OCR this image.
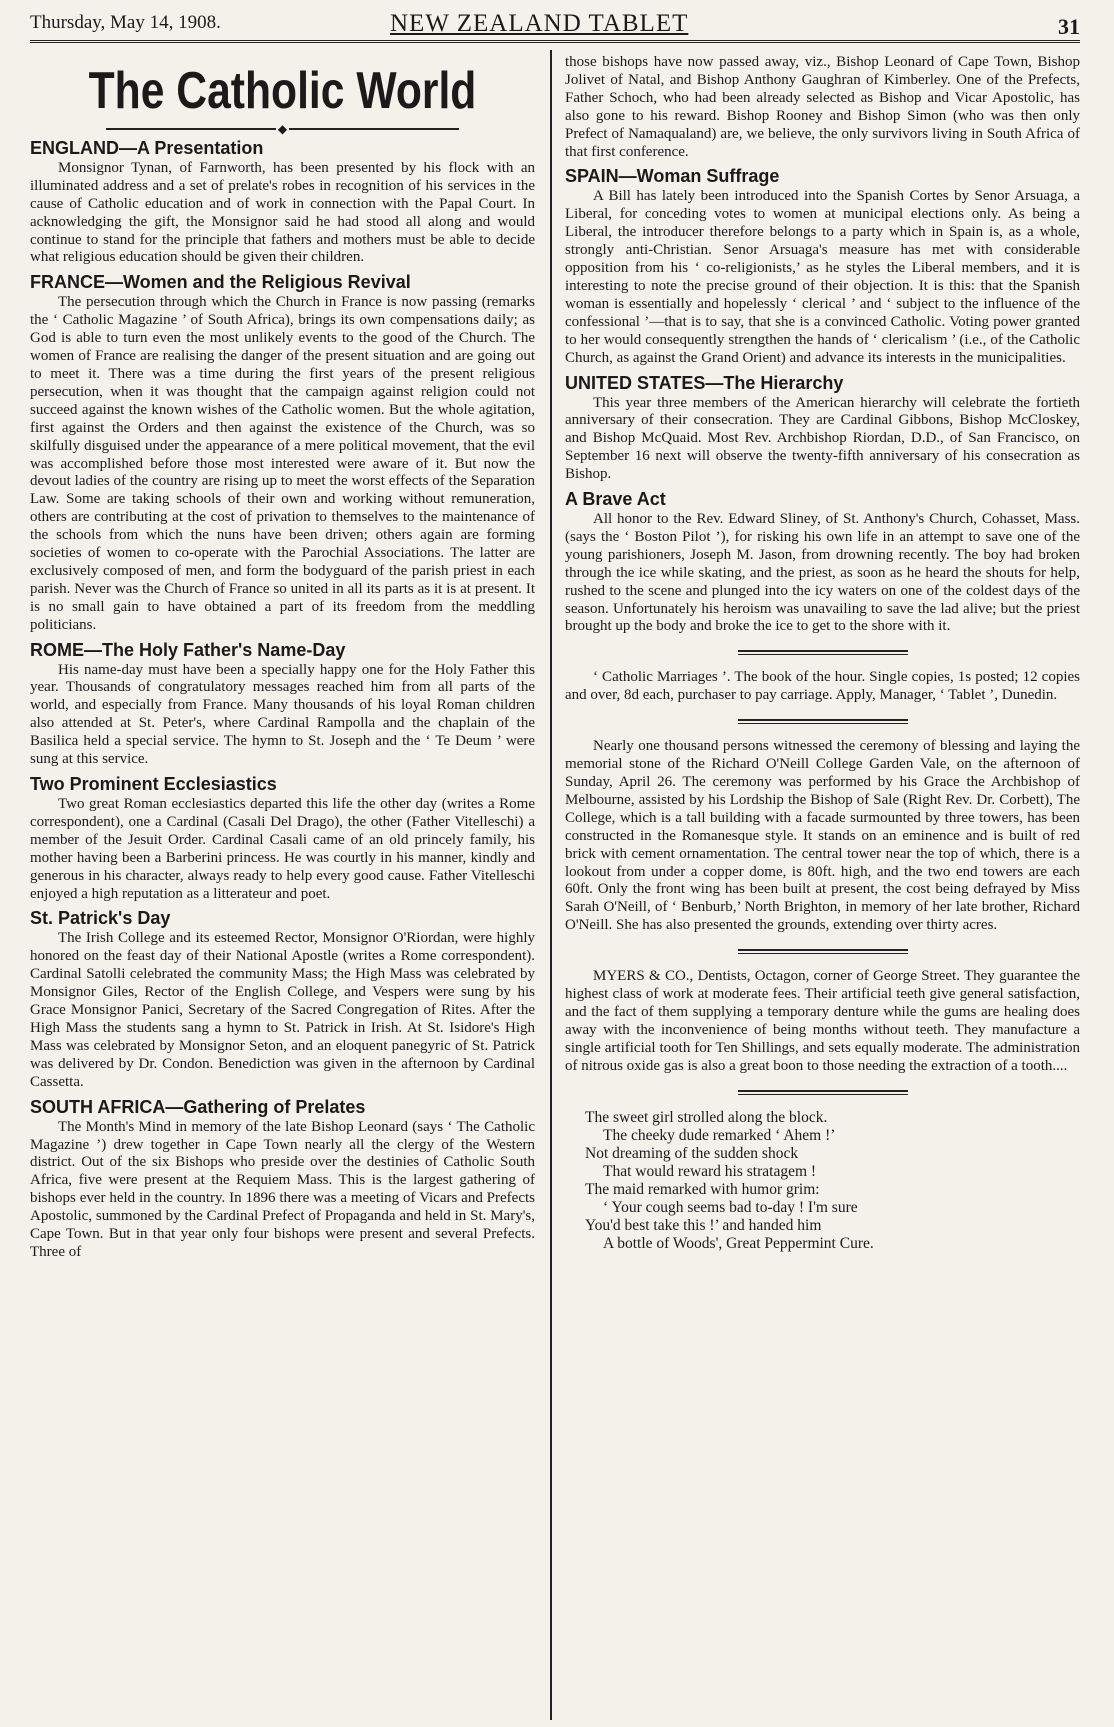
Thursday, May 14, 1908.	NEW ZEALAND TABLET	31
The Catholic World
◆
ENGLAND—A Presentation

Monsignor Tynan, of Farnworth, has been presented by his flock with an illuminated address and a set of prelate's robes in recognition of his services in the cause of Catholic education and of work in connection with the Papal Court. In acknowledging the gift, the Monsignor said he had stood all along and would continue to stand for the principle that fathers and mothers must be able to decide what religious education should be given their children.

FRANCE—Women and the Religious Revival

The persecution through which the Church in France is now passing (remarks the ‘ Catholic Magazine ’ of South Africa), brings its own compensations daily; as God is able to turn even the most unlikely events to the good of the Church. The women of France are realising the danger of the present situation and are going out to meet it. There was a time during the first years of the present religious persecution, when it was thought that the campaign against religion could not succeed against the known wishes of the Catholic women. But the whole agitation, first against the Orders and then against the existence of the Church, was so skilfully disguised under the appearance of a mere political movement, that the evil was accomplished before those most interested were aware of it. But now the devout ladies of the country are rising up to meet the worst effects of the Separation Law. Some are taking schools of their own and working without remuneration, others are contributing at the cost of privation to themselves to the maintenance of the schools from which the nuns have been driven; others again are forming societies of women to co-operate with the Parochial Associations. The latter are exclusively composed of men, and form the bodyguard of the parish priest in each parish. Never was the Church of France so united in all its parts as it is at present. It is no small gain to have obtained a part of its freedom from the meddling politicians.

ROME—The Holy Father's Name-Day

His name-day must have been a specially happy one for the Holy Father this year. Thousands of congratulatory messages reached him from all parts of the world, and especially from France. Many thousands of his loyal Roman children also attended at St. Peter's, where Cardinal Rampolla and the chaplain of the Basilica held a special service. The hymn to St. Joseph and the ‘ Te Deum ’ were sung at this service.

Two Prominent Ecclesiastics

Two great Roman ecclesiastics departed this life the other day (writes a Rome correspondent), one a Cardinal (Casali Del Drago), the other (Father Vitelleschi) a member of the Jesuit Order. Cardinal Casali came of an old princely family, his mother having been a Barberini princess. He was courtly in his manner, kindly and generous in his character, always ready to help every good cause. Father Vitelleschi enjoyed a high reputation as a litterateur and poet.

St. Patrick's Day

The Irish College and its esteemed Rector, Monsignor O'Riordan, were highly honored on the feast day of their National Apostle (writes a Rome correspondent). Cardinal Satolli celebrated the community Mass; the High Mass was celebrated by Monsignor Giles, Rector of the English College, and Vespers were sung by his Grace Monsignor Panici, Secretary of the Sacred Congregation of Rites. After the High Mass the students sang a hymn to St. Patrick in Irish. At St. Isidore's High Mass was celebrated by Monsignor Seton, and an eloquent panegyric of St. Patrick was delivered by Dr. Condon. Benediction was given in the afternoon by Cardinal Cassetta.

SOUTH AFRICA—Gathering of Prelates

The Month's Mind in memory of the late Bishop Leonard (says ‘ The Catholic Magazine ’) drew together in Cape Town nearly all the clergy of the Western district. Out of the six Bishops who preside over the destinies of Catholic South Africa, five were present at the Requiem Mass. This is the largest gathering of bishops ever held in the country. In 1896 there was a meeting of Vicars and Prefects Apostolic, summoned by the Cardinal Prefect of Propaganda and held in St. Mary's, Cape Town. But in that year only four bishops were present and several Prefects. Three of

those bishops have now passed away, viz., Bishop Leonard of Cape Town, Bishop Jolivet of Natal, and Bishop Anthony Gaughran of Kimberley. One of the Prefects, Father Schoch, who had been already selected as Bishop and Vicar Apostolic, has also gone to his reward. Bishop Rooney and Bishop Simon (who was then only Prefect of Namaqualand) are, we believe, the only survivors living in South Africa of that first conference.

SPAIN—Woman Suffrage

A Bill has lately been introduced into the Spanish Cortes by Senor Arsuaga, a Liberal, for conceding votes to women at municipal elections only. As being a Liberal, the introducer therefore belongs to a party which in Spain is, as a whole, strongly anti-Christian. Senor Arsuaga's measure has met with considerable opposition from his ‘ co-religionists,’ as he styles the Liberal members, and it is interesting to note the precise ground of their objection. It is this: that the Spanish woman is essentially and hopelessly ‘ clerical ’ and ‘ subject to the influence of the confessional ’—that is to say, that she is a convinced Catholic. Voting power granted to her would consequently strengthen the hands of ‘ clericalism ’ (i.e., of the Catholic Church, as against the Grand Orient) and advance its interests in the municipalities.

UNITED STATES—The Hierarchy

This year three members of the American hierarchy will celebrate the fortieth anniversary of their consecration. They are Cardinal Gibbons, Bishop McCloskey, and Bishop McQuaid. Most Rev. Archbishop Riordan, D.D., of San Francisco, on September 16 next will observe the twenty-fifth anniversary of his consecration as Bishop.

A Brave Act

All honor to the Rev. Edward Sliney, of St. Anthony's Church, Cohasset, Mass. (says the ‘ Boston Pilot ’), for risking his own life in an attempt to save one of the young parishioners, Joseph M. Jason, from drowning recently. The boy had broken through the ice while skating, and the priest, as soon as he heard the shouts for help, rushed to the scene and plunged into the icy waters on one of the coldest days of the season. Unfortunately his heroism was unavailing to save the lad alive; but the priest brought up the body and broke the ice to get to the shore with it.

‘ Catholic Marriages ’. The book of the hour. Single copies, 1s posted; 12 copies and over, 8d each, purchaser to pay carriage. Apply, Manager, ‘ Tablet ’, Dunedin.

Nearly one thousand persons witnessed the ceremony of blessing and laying the memorial stone of the Richard O'Neill College Garden Vale, on the afternoon of Sunday, April 26. The ceremony was performed by his Grace the Archbishop of Melbourne, assisted by his Lordship the Bishop of Sale (Right Rev. Dr. Corbett), The College, which is a tall building with a facade surmounted by three towers, has been constructed in the Romanesque style. It stands on an eminence and is built of red brick with cement ornamentation. The central tower near the top of which, there is a lookout from under a copper dome, is 80ft. high, and the two end towers are each 60ft. Only the front wing has been built at present, the cost being defrayed by Miss Sarah O'Neill, of ‘ Benburb,’ North Brighton, in memory of her late brother, Richard O'Neill. She has also presented the grounds, extending over thirty acres.

MYERS & CO., Dentists, Octagon, corner of George Street. They guarantee the highest class of work at moderate fees. Their artificial teeth give general satisfaction, and the fact of them supplying a temporary denture while the gums are healing does away with the inconvenience of being months without teeth. They manufacture a single artificial tooth for Ten Shillings, and sets equally moderate. The administration of nitrous oxide gas is also a great boon to those needing the extraction of a tooth....

The sweet girl strolled along the block.
The cheeky dude remarked ‘ Ahem !’
Not dreaming of the sudden shock
That would reward his stratagem !
The maid remarked with humor grim:
‘ Your cough seems bad to-day ! I'm sure
You'd best take this !’ and handed him
A bottle of Woods', Great Peppermint Cure.
